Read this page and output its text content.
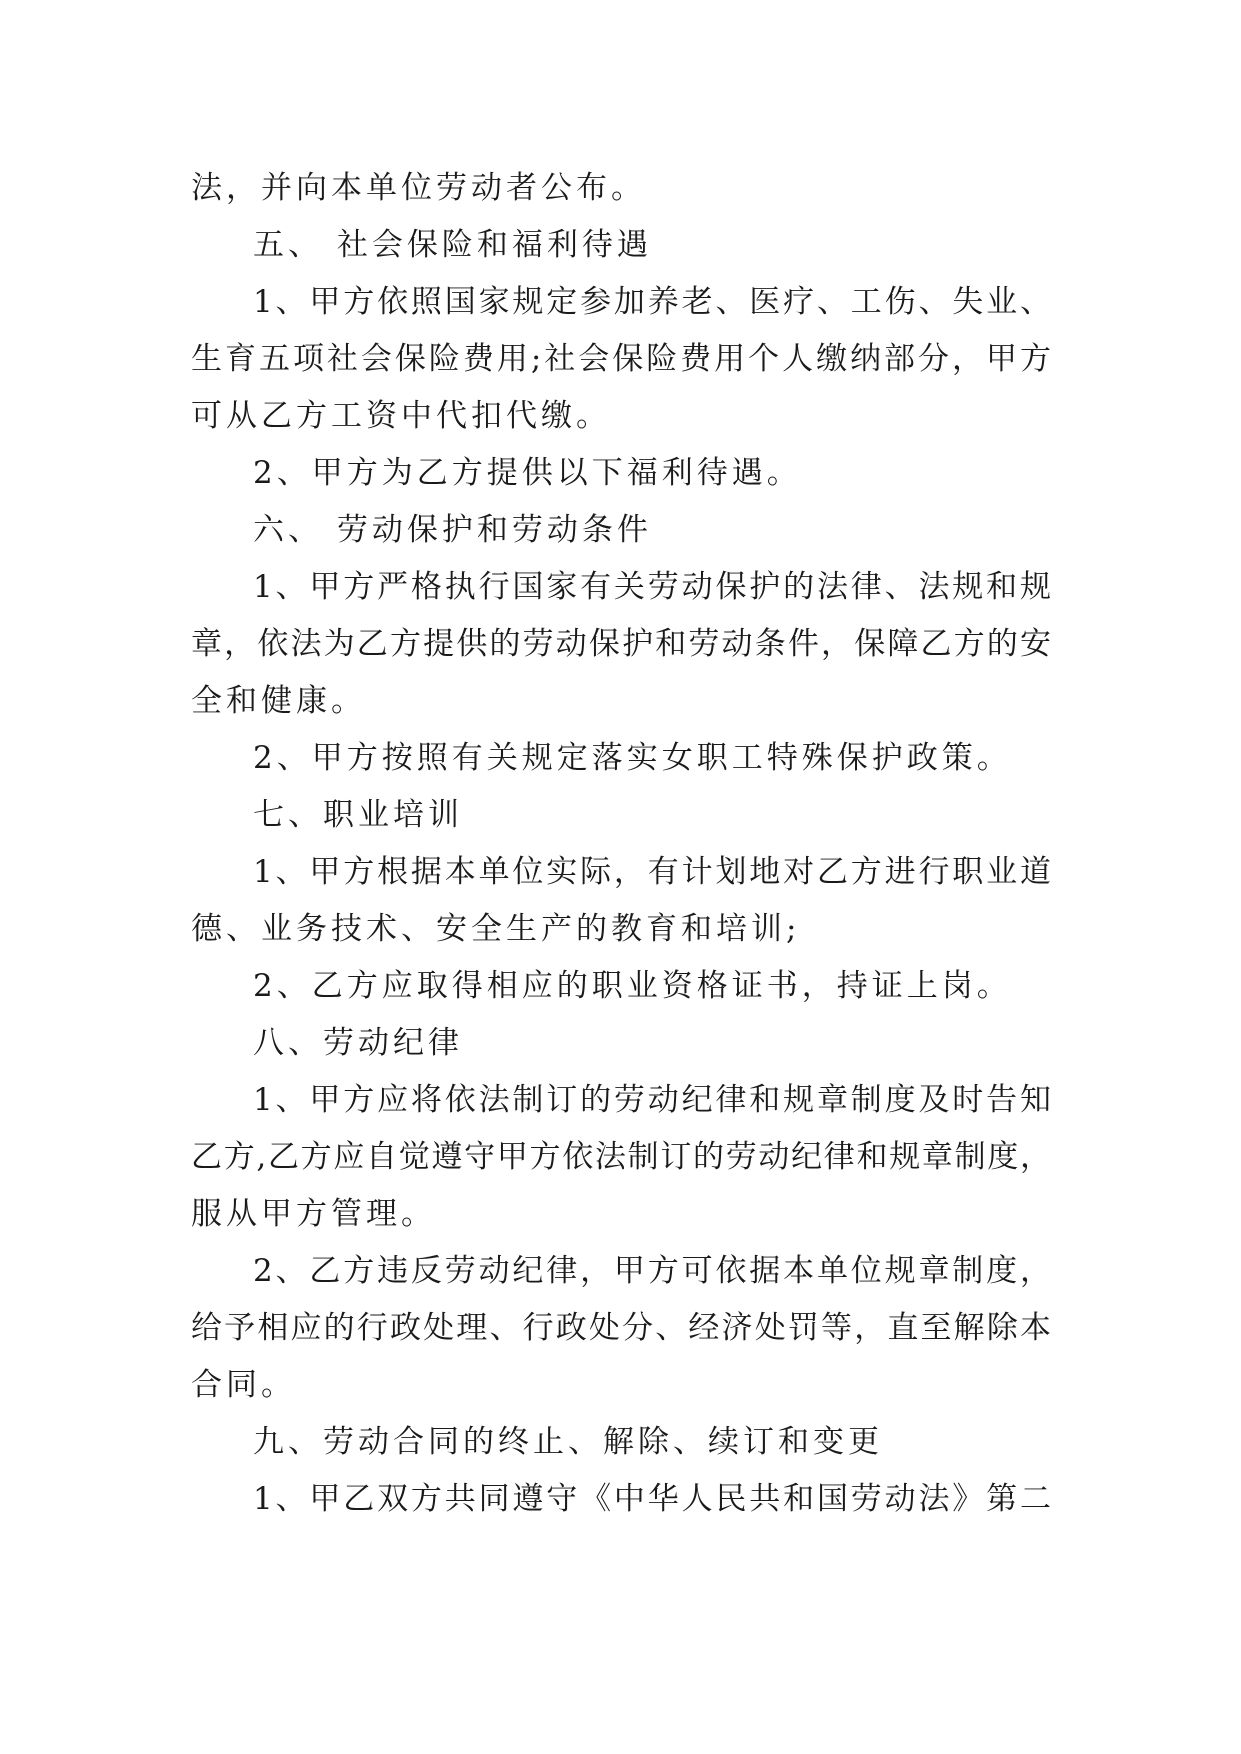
法，并向本单位劳动者公布。
五、 社会保险和福利待遇
1、甲方依照国家规定参加养老、医疗、工伤、失业、
生育五项社会保险费用;社会保险费用个人缴纳部分，甲方
可从乙方工资中代扣代缴。
2、甲方为乙方提供以下福利待遇。
六、 劳动保护和劳动条件
1、甲方严格执行国家有关劳动保护的法律、法规和规
章，依法为乙方提供的劳动保护和劳动条件，保障乙方的安
全和健康。
2、甲方按照有关规定落实女职工特殊保护政策。
七、职业培训
1、甲方根据本单位实际，有计划地对乙方进行职业道
德、业务技术、安全生产的教育和培训;
2、乙方应取得相应的职业资格证书，持证上岗。
八、劳动纪律
1、甲方应将依法制订的劳动纪律和规章制度及时告知
乙方,乙方应自觉遵守甲方依法制订的劳动纪律和规章制度，
服从甲方管理。
2、乙方违反劳动纪律，甲方可依据本单位规章制度，
给予相应的行政处理、行政处分、经济处罚等，直至解除本
合同。
九、劳动合同的终止、解除、续订和变更
1、甲乙双方共同遵守《中华人民共和国劳动法》第二
